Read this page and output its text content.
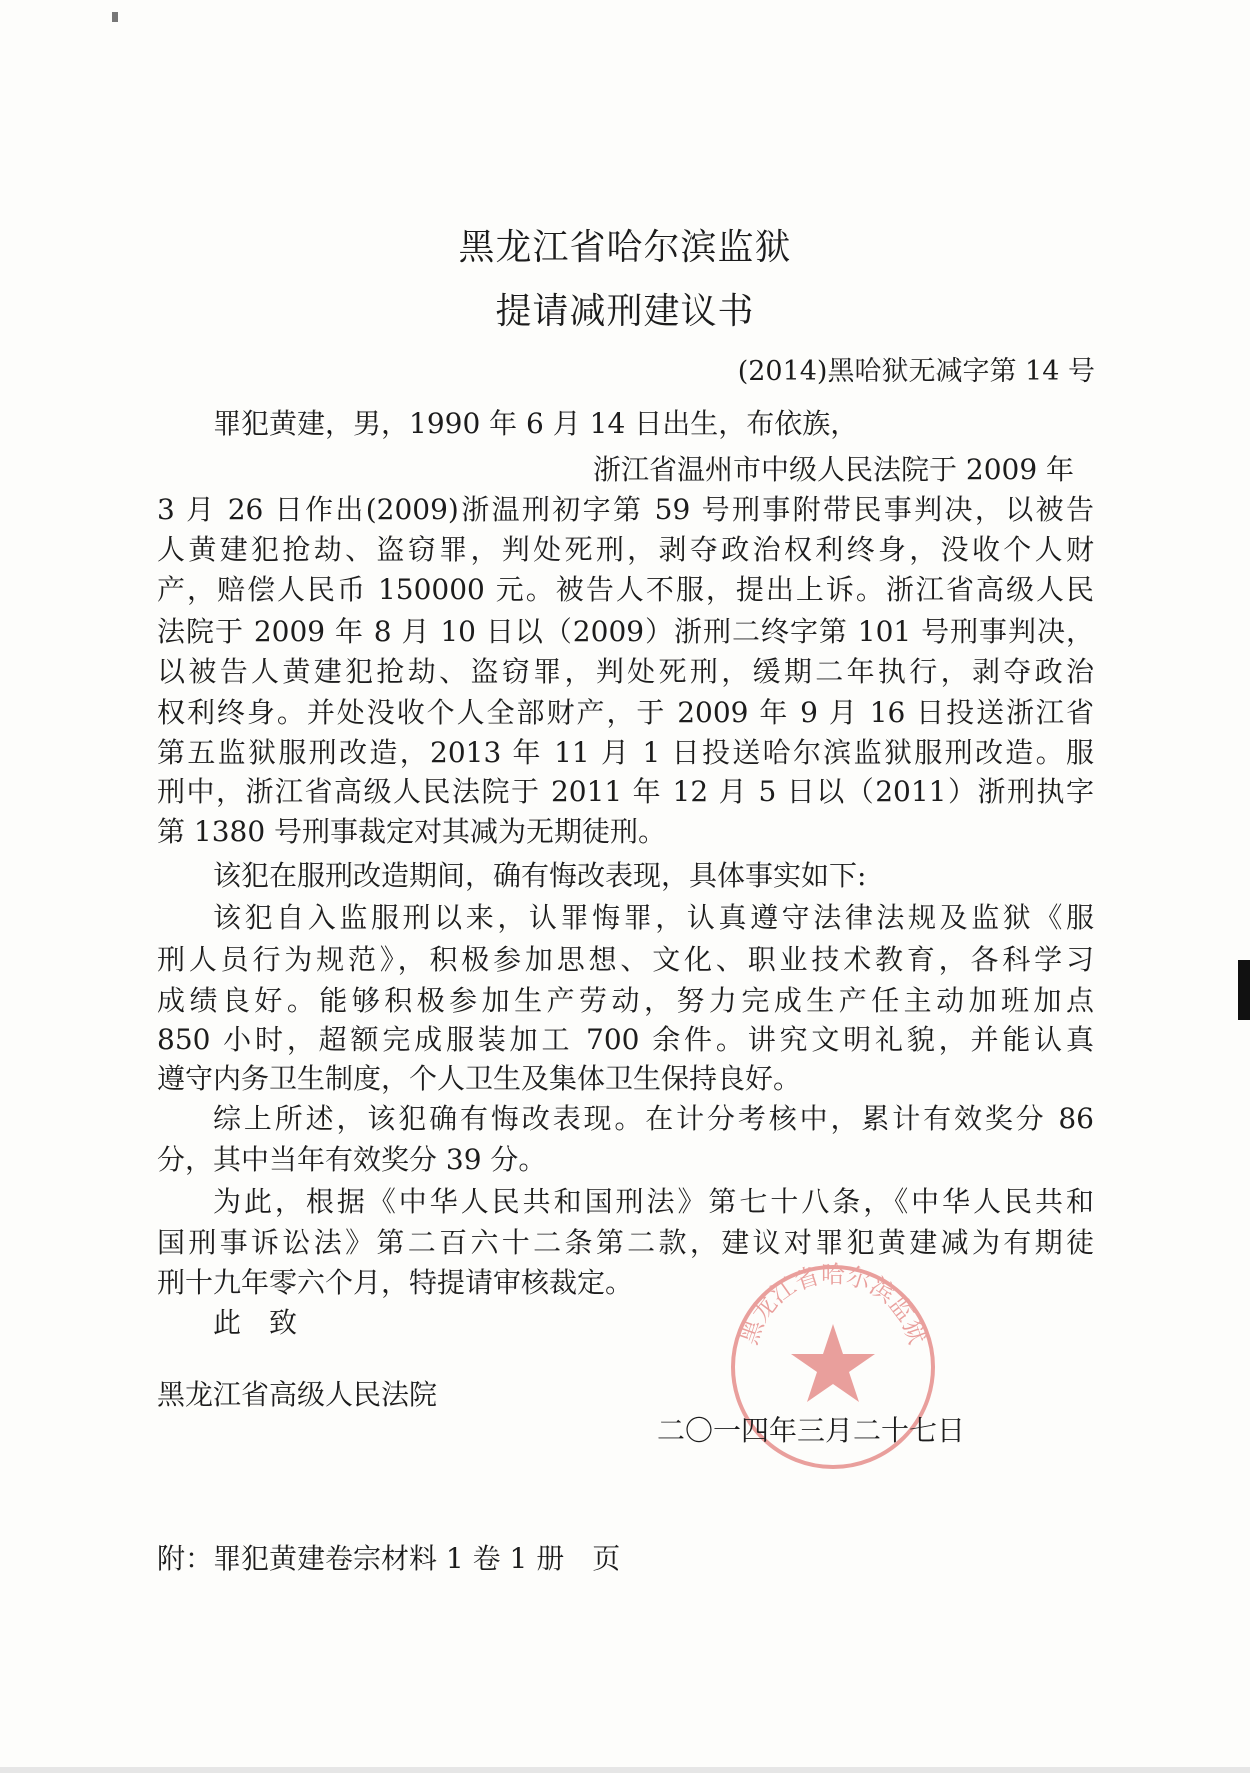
黑龙江省哈尔滨监狱
提请减刑建议书
(2014)黑哈狱无减字第 14 号
罪犯黄建，男，1990 年 6 月 14 日出生，布依族，
浙江省温州市中级人民法院于 2009 年
3 月 26 日作出(2009)浙温刑初字第 59 号刑事附带民事判决，以被告
人黄建犯抢劫、盗窃罪，判处死刑，剥夺政治权利终身，没收个人财
产，赔偿人民币 150000 元。被告人不服，提出上诉。浙江省高级人民
法院于 2009 年 8 月 10 日以（2009）浙刑二终字第 101 号刑事判决，
以被告人黄建犯抢劫、盗窃罪，判处死刑，缓期二年执行，剥夺政治
权利终身。并处没收个人全部财产，于 2009 年 9 月 16 日投送浙江省
第五监狱服刑改造，2013 年 11 月 1 日投送哈尔滨监狱服刑改造。服
刑中，浙江省高级人民法院于 2011 年 12 月 5 日以（2011）浙刑执字
第 1380 号刑事裁定对其减为无期徒刑。
该犯在服刑改造期间，确有悔改表现，具体事实如下:
该犯自入监服刑以来，认罪悔罪，认真遵守法律法规及监狱《服
刑人员行为规范》，积极参加思想、文化、职业技术教育，各科学习
成绩良好。能够积极参加生产劳动，努力完成生产任主动加班加点
850 小时，超额完成服装加工 700 余件。讲究文明礼貌，并能认真
遵守内务卫生制度，个人卫生及集体卫生保持良好。
综上所述，该犯确有悔改表现。在计分考核中，累计有效奖分 86
分，其中当年有效奖分 39 分。
为此，根据《中华人民共和国刑法》第七十八条，《中华人民共和
国刑事诉讼法》第二百六十二条第二款，建议对罪犯黄建减为有期徒
刑十九年零六个月，特提请审核裁定。
此　致
黑龙江省高级人民法院
黑龙江省哈尔滨监狱
二〇一四年三月二十七日
附：罪犯黄建卷宗材料 1 卷 1 册　页
